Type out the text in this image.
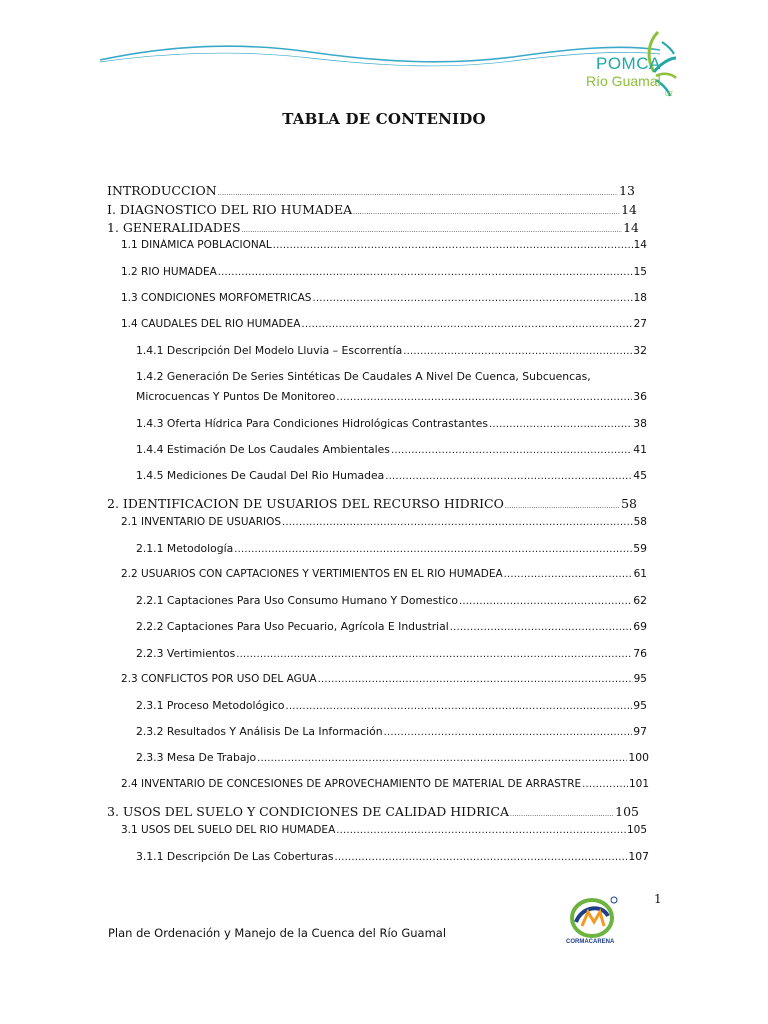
POMCA
Río Guamal
UT
TABLA DE CONTENIDO
INTRODUCCION .....	13
I. DIAGNOSTICO DEL RIO HUMADEA .....	14
1. GENERALIDADES .....	14
1.1 DINÁMICA POBLACIONAL .....	14
1.2 RIO HUMADEA .....	15
1.3 CONDICIONES MORFOMETRICAS .....	18
1.4 CAUDALES DEL RIO HUMADEA .....	27
1.4.1 Descripción Del Modelo Lluvia – Escorrentía .....	32
1.4.2 Generación De Series Sintéticas De Caudales A Nivel De Cuenca, Subcuencas,
Microcuencas Y Puntos De Monitoreo .....	36
1.4.3 Oferta Hídrica Para Condiciones Hidrológicas Contrastantes .....	38
1.4.4 Estimación De Los Caudales Ambientales .....	41
1.4.5 Mediciones De Caudal Del Rio Humadea .....	45
2. IDENTIFICACION DE USUARIOS DEL RECURSO HIDRICO .....	58
2.1 INVENTARIO DE USUARIOS .....	58
2.1.1 Metodología .....	59
2.2 USUARIOS CON CAPTACIONES Y VERTIMIENTOS EN EL RIO HUMADEA .....	61
2.2.1 Captaciones Para Uso Consumo Humano Y Domestico .....	62
2.2.2 Captaciones Para Uso Pecuario, Agrícola E Industrial .....	69
2.2.3 Vertimientos .....	76
2.3 CONFLICTOS POR USO DEL AGUA .....	95
2.3.1 Proceso Metodológico .....	95
2.3.2 Resultados Y Análisis De La Información .....	97
2.3.3 Mesa De Trabajo .....	100
2.4 INVENTARIO DE CONCESIONES DE APROVECHAMIENTO DE MATERIAL DE ARRASTRE .....	101
3. USOS DEL SUELO Y CONDICIONES DE CALIDAD HIDRICA .....	105
3.1 USOS DEL SUELO DEL RIO HUMADEA .....	105
3.1.1 Descripción De Las Coberturas .....	107
1
Plan de Ordenación y Manejo de la Cuenca del Río Guamal
CORMACARENA
